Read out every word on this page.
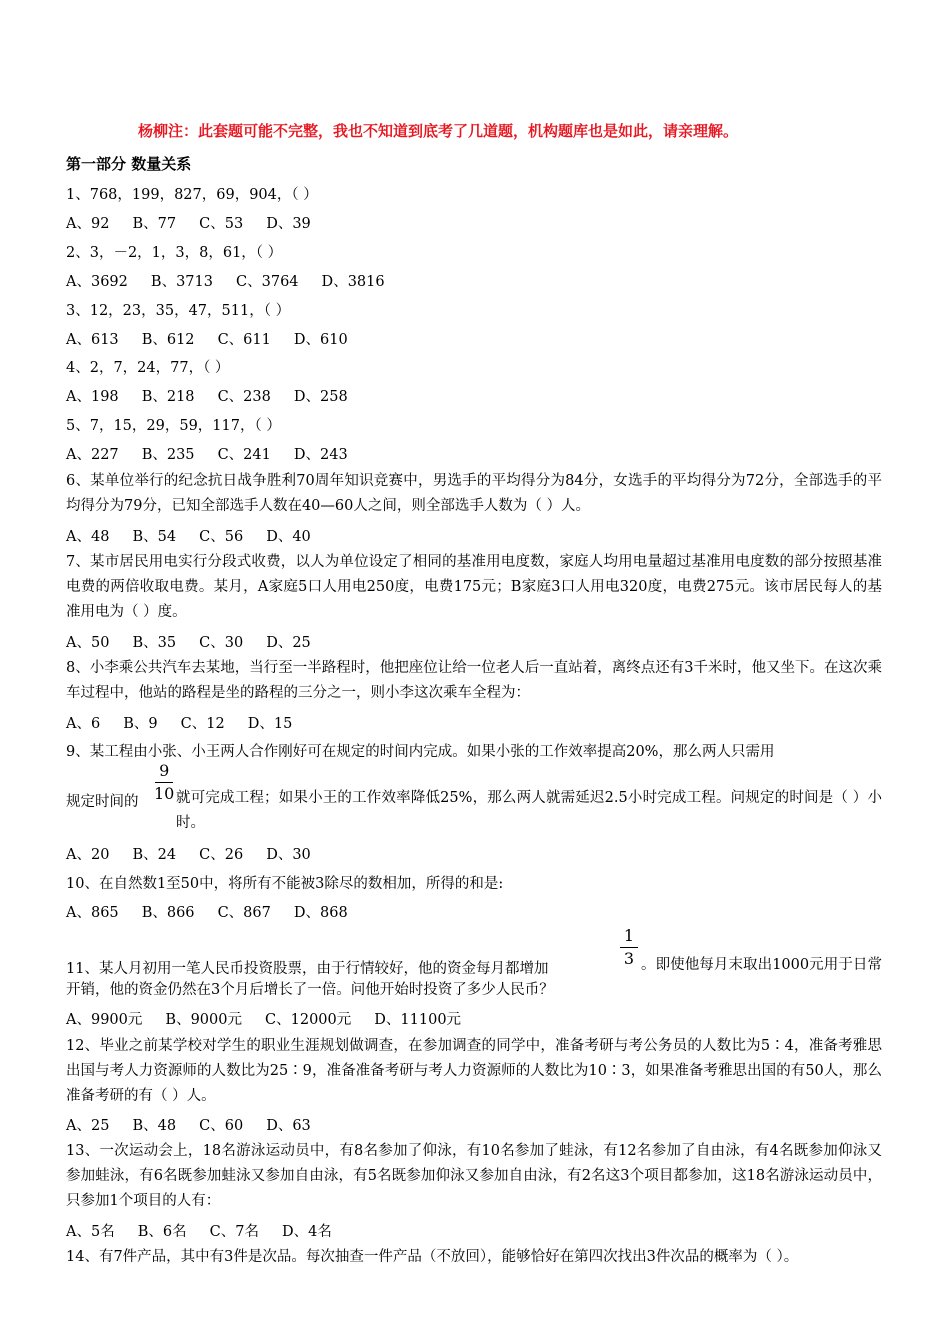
杨柳注：此套题可能不完整，我也不知道到底考了几道题，机构题库也是如此，请亲理解。
第一部分 数量关系
1、768，199，827，69，904，（ ）
A、92     B、77     C、53     D、39
2、3，－2，1，3，8，61，（ ）
A、3692     B、3713     C、3764     D、3816
3、12，23，35，47，511，（ ）
A、613     B、612     C、611     D、610
4、2，7，24，77，（ ）
A、198     B、218     C、238     D、258
5、7，15，29，59，117，（ ）
A、227     B、235     C、241     D、243
6、某单位举行的纪念抗日战争胜利70周年知识竞赛中，男选手的平均得分为84分，女选手的平均得分为72分，全部选手的平均得分为79分，已知全部选手人数在40—60人之间，则全部选手人数为（ ）人。
A、48     B、54     C、56     D、40
7、某市居民用电实行分段式收费，以人为单位设定了相同的基准用电度数，家庭人均用电量超过基准用电度数的部分按照基准电费的两倍收取电费。某月，A家庭5口人用电250度，电费175元；B家庭3口人用电320度，电费275元。该市居民每人的基准用电为（ ）度。
A、50     B、35     C、30     D、25
8、小李乘公共汽车去某地，当行至一半路程时，他把座位让给一位老人后一直站着，离终点还有3千米时，他又坐下。在这次乘车过程中，他站的路程是坐的路程的三分之一，则小李这次乘车全程为：
A、6     B、9     C、12     D、15
9、某工程由小张、小王两人合作刚好可在规定的时间内完成。如果小张的工作效率提高20%，那么两人只需用
9
10
规定时间的	就可完成工程；如果小王的工作效率降低25%，那么两人就需延迟2.5小时完成工程。问规定的时间是（ ）小时。
A、20     B、24     C、26     D、30
10、在自然数1至50中，将所有不能被3除尽的数相加，所得的和是:
A、865     B、866     C、867     D、868
11、某人月初用一笔人民币投资股票，由于行情较好，他的资金每月都增加
1
3 。即使他每月末取出1000元用于日常开销，他的资金仍然在3个月后增长了一倍。问他开始时投资了多少人民币？
A、9900元     B、9000元     C、12000元     D、11100元
12、毕业之前某学校对学生的职业生涯规划做调查，在参加调查的同学中，准备考研与考公务员的人数比为5∶4，准备考雅思出国与考人力资源师的人数比为25∶9，准备准备考研与考人力资源师的人数比为10∶3，如果准备考雅思出国的有50人，那么准备考研的有（ ）人。
A、25     B、48     C、60     D、63
13、一次运动会上，18名游泳运动员中，有8名参加了仰泳，有10名参加了蛙泳，有12名参加了自由泳，有4名既参加仰泳又参加蛙泳，有6名既参加蛙泳又参加自由泳，有5名既参加仰泳又参加自由泳，有2名这3个项目都参加，这18名游泳运动员中，只参加1个项目的人有：
A、5名     B、6名     C、7名     D、4名
14、有7件产品，其中有3件是次品。每次抽查一件产品（不放回），能够恰好在第四次找出3件次品的概率为（ ）。
